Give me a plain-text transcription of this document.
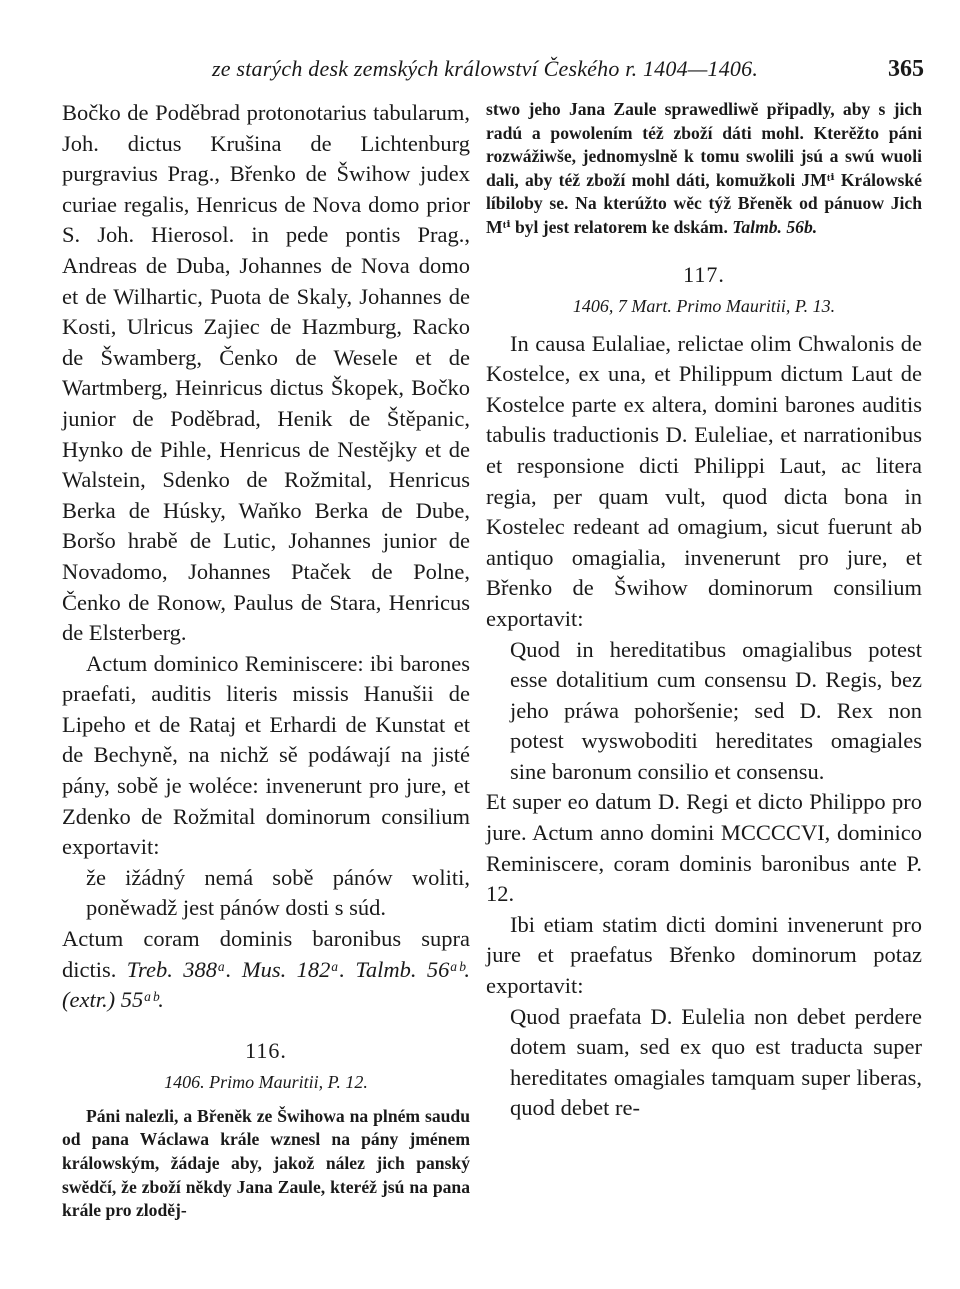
ze starých desk zemských králowství Českého r. 1404—1406.	365

Bočko de Poděbrad protonotarius tabularum, Joh. dictus Krušina de Lichtenburg purgravius Prag., Břenko de Šwihow judex curiae regalis, Henricus de Nova domo prior S. Joh. Hierosol. in pede pontis Prag., Andreas de Duba, Johannes de Nova domo et de Wilhartic, Puota de Skaly, Johannes de Kosti, Ulricus Zajiec de Hazmburg, Racko de Šwamberg, Čenko de Wesele et de Wartmberg, Heinricus dictus Škopek, Bočko junior de Poděbrad, Henik de Štěpanic, Hynko de Pihle, Henricus de Nestějky et de Walstein, Sdenko de Rožmital, Henricus Berka de Húsky, Waňko Berka de Dube, Boršo hrabě de Lutic, Johannes junior de Novadomo, Johannes Ptaček de Polne, Čenko de Ronow, Paulus de Stara, Henricus de Elsterberg.

Actum dominico Reminiscere: ibi barones praefati, auditis literis missis Hanušii de Lipeho et de Rataj et Erhardi de Kunstat et de Bechyně, na nichž sě podáwají na jisté pány, sobě je wolécе: invenerunt pro jure, et Zdenko de Rožmital dominorum consilium exportavit:

že ižádný nemá sobě pánów woliti, poněwadž jest pánów dosti s súd.

Actum coram dominis baronibus supra dictis. Treb. 388ᵃ. Mus. 182ᵃ. Talmb. 56ᵃᵇ. (extr.) 55ᵃᵇ.

116.
1406. Primo Mauritii, P. 12.

Páni nalezli, a Břeněk ze Šwihowa na plném saudu od pana Wáclawa krále wznesl na pány jménem králowským, žádaje aby, jakož nález jich panský swědčí, že zboží někdy Jana Zaule, kteréž jsú na pana krále pro zloděj-

stwo jeho Jana Zaule sprawedliwě připadly, aby s jich radú a powolením též zboží dáti mohl. Kterěžto páni rozwážiwše, jednomyslně k tomu swolili jsú a swú wuoli dali, aby též zboží mohl dáti, komužkoli JMᵗⁱ Králowské líbiloby se. Na kterúžto wěc týž Břeněk od pánuow Jich Mᵗⁱ byl jest relatorem ke dskám. Talmb. 56b.

117.
1406, 7 Mart. Primo Mauritii, P. 13.

In causa Eulaliae, relictae olim Chwalonis de Kostelce, ex una, et Philippum dictum Laut de Kostelce parte ex altera, domini barones auditis tabulis traductionis D. Euleliae, et narrationibus et responsione dicti Philippi Laut, ac litera regia, per quam vult, quod dicta bona in Kostelec redeant ad omagium, sicut fuerunt ab antiquo omagialia, invenerunt pro jure, et Břenko de Šwihow dominorum consilium exportavit:

Quod in hereditatibus omagialibus potest esse dotalitium cum consensu D. Regis, bez jeho práwa pohoršenie; sed D. Rex non potest wyswoboditi hereditates omagiales sine baronum consilio et consensu.

Et super eo datum D. Regi et dicto Philippo pro jure. Actum anno domini MCCCCVI, dominico Reminiscere, coram dominis baronibus ante P. 12.

Ibi etiam statim dicti domini invenerunt pro jure et praefatus Břenko dominorum potaz exportavit:

Quod praefata D. Eulelia non debet perdere dotem suam, sed ex quo est traducta super hereditates omagiales tamquam super liberas, quod debet re-
